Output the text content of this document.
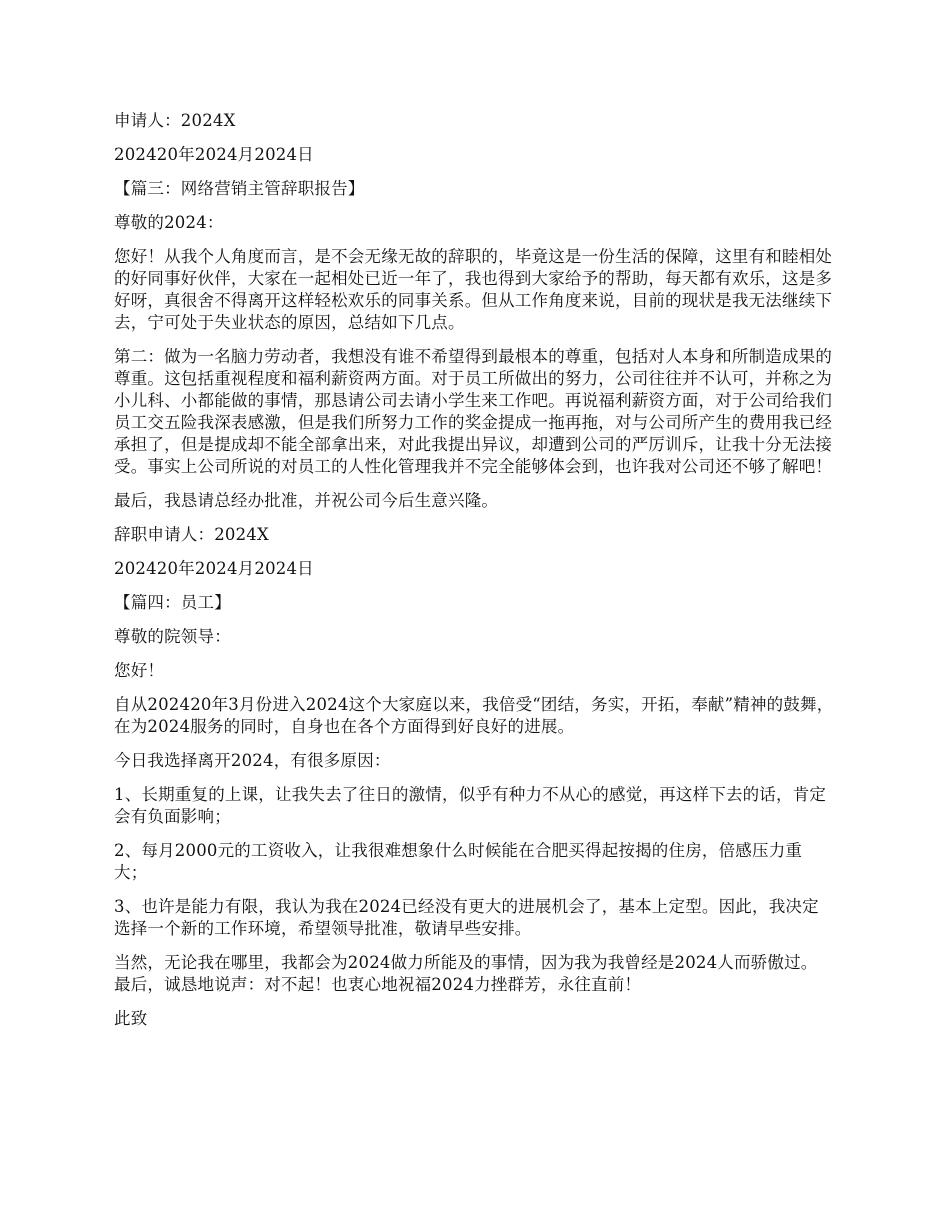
申请人：2024X

202420年2024月2024日

【篇三：网络营销主管辞职报告】

尊敬的2024：

您好！从我个人角度而言，是不会无缘无故的辞职的，毕竟这是一份生活的保障，这里有和睦相处的好同事好伙伴，大家在一起相处已近一年了，我也得到大家给予的帮助，每天都有欢乐，这是多好呀，真很舍不得离开这样轻松欢乐的同事关系。但从工作角度来说，目前的现状是我无法继续下去，宁可处于失业状态的原因，总结如下几点。

第二：做为一名脑力劳动者，我想没有谁不希望得到最根本的尊重，包括对人本身和所制造成果的尊重。这包括重视程度和福利薪资两方面。对于员工所做出的努力，公司往往并不认可，并称之为小儿科、小都能做的事情，那恳请公司去请小学生来工作吧。再说福利薪资方面，对于公司给我们员工交五险我深表感激，但是我们所努力工作的奖金提成一拖再拖，对与公司所产生的费用我已经承担了，但是提成却不能全部拿出来，对此我提出异议，却遭到公司的严厉训斥，让我十分无法接受。事实上公司所说的对员工的人性化管理我并不完全能够体会到，也许我对公司还不够了解吧！

最后，我恳请总经办批准，并祝公司今后生意兴隆。

辞职申请人：2024X

202420年2024月2024日

【篇四：员工】

尊敬的院领导：

您好！

自从202420年3月份进入2024这个大家庭以来，我倍受“团结，务实，开拓，奉献”精神的鼓舞，在为2024服务的同时，自身也在各个方面得到好良好的进展。

今日我选择离开2024，有很多原因：

1、长期重复的上课，让我失去了往日的激情，似乎有种力不从心的感觉，再这样下去的话，肯定会有负面影响；

2、每月2000元的工资收入，让我很难想象什么时候能在合肥买得起按揭的住房，倍感压力重大；

3、也许是能力有限，我认为我在2024已经没有更大的进展机会了，基本上定型。因此，我决定选择一个新的工作环境，希望领导批准，敬请早些安排。

当然，无论我在哪里，我都会为2024做力所能及的事情，因为我为我曾经是2024人而骄傲过。最后，诚恳地说声：对不起！也衷心地祝福2024力挫群芳，永往直前！

此致
